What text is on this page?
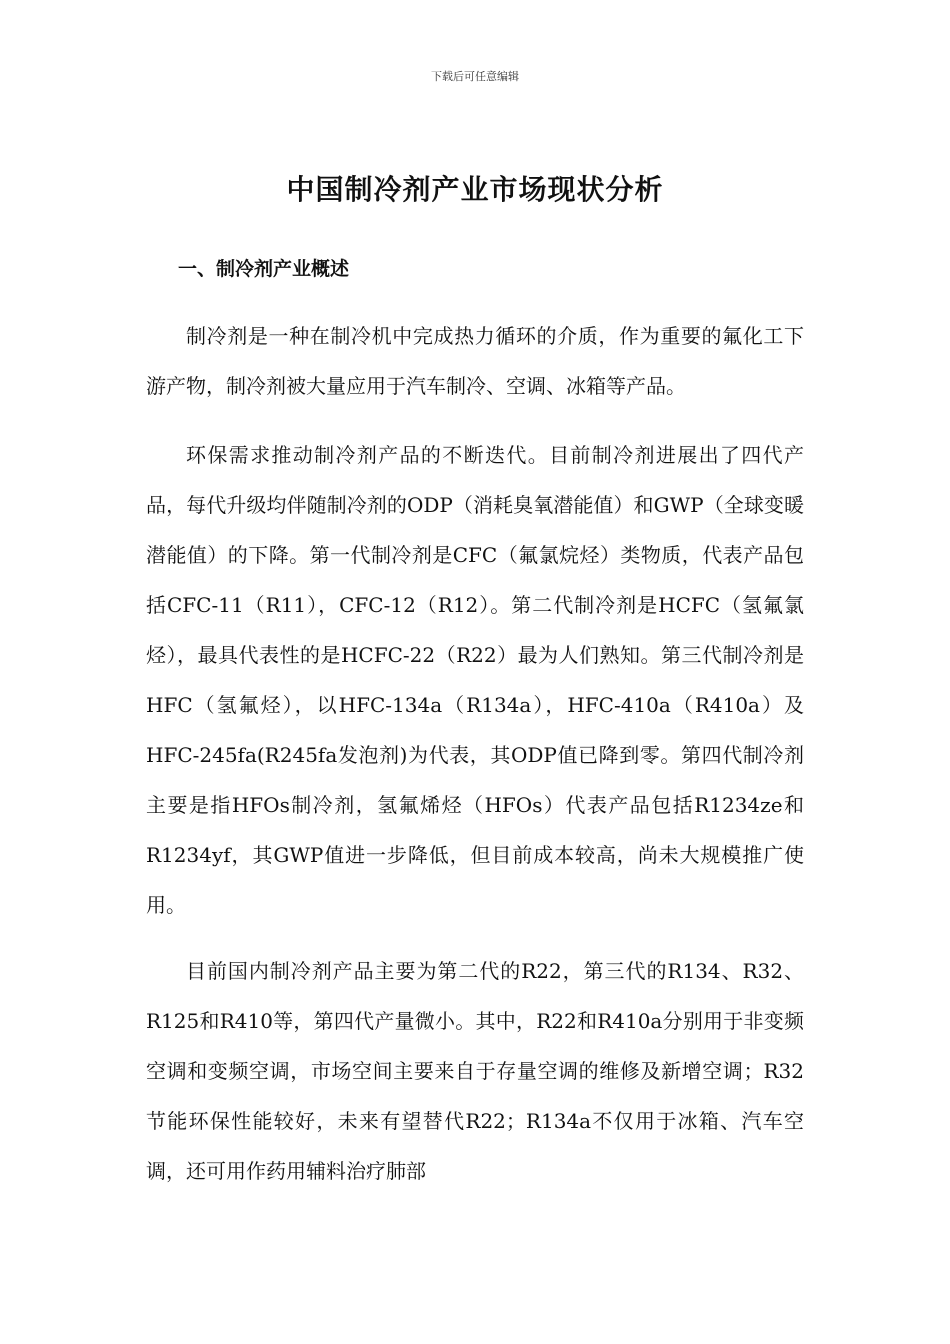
下载后可任意编辑
中国制冷剂产业市场现状分析
一、制冷剂产业概述

制冷剂是一种在制冷机中完成热力循环的介质，作为重要的氟化工下游产物，制冷剂被大量应用于汽车制冷、空调、冰箱等产品。

环保需求推动制冷剂产品的不断迭代。目前制冷剂进展出了四代产品，每代升级均伴随制冷剂的ODP（消耗臭氧潜能值）和GWP（全球变暖潜能值）的下降。第一代制冷剂是CFC（氟氯烷烃）类物质，代表产品包括CFC-11（R11），CFC-12（R12）。第二代制冷剂是HCFC（氢氟氯烃），最具代表性的是HCFC-22（R22）最为人们熟知。第三代制冷剂是HFC（氢氟烃），以HFC-134a（R134a），HFC-410a（R410a）及HFC-245fa(R245fa发泡剂)为代表，其ODP值已降到零。第四代制冷剂主要是指HFOs制冷剂，氢氟烯烃（HFOs）代表产品包括R1234ze和R1234yf，其GWP值进一步降低，但目前成本较高，尚未大规模推广使用。

目前国内制冷剂产品主要为第二代的R22，第三代的R134、R32、R125和R410等，第四代产量微小。其中，R22和R410a分别用于非变频空调和变频空调，市场空间主要来自于存量空调的维修及新增空调；R32节能环保性能较好，未来有望替代R22；R134a不仅用于冰箱、汽车空调，还可用作药用辅料治疗肺部
